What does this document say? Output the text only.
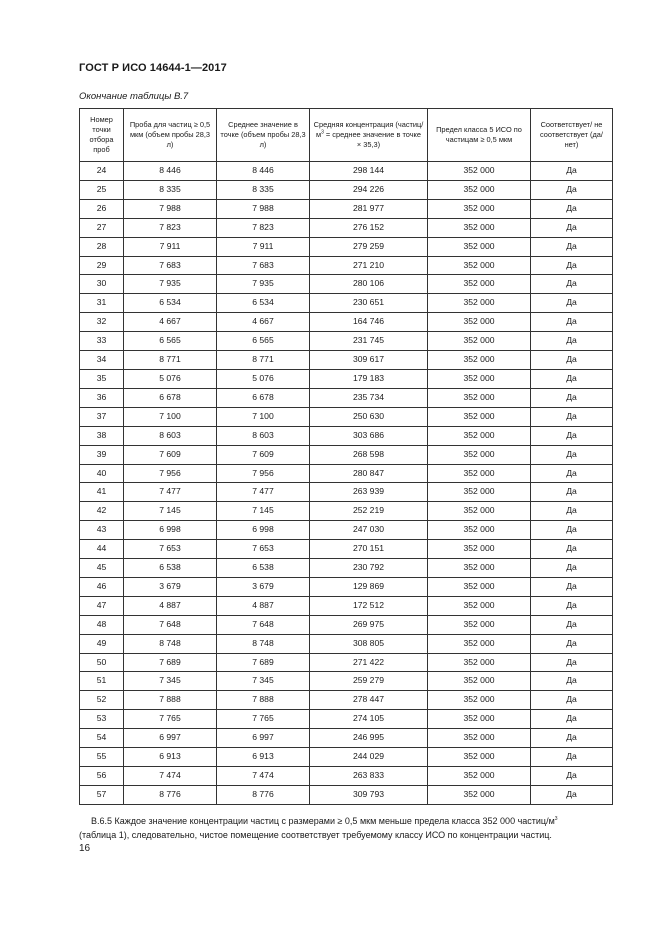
ГОСТ Р ИСО 14644-1—2017
Окончание таблицы B.7
Номер точки отбора проб	Проба для частиц ≥ 0,5 мкм (объем пробы 28,3 л)	Среднее значение в точке (объем пробы 28,3 л)	Средняя концентрация ($частиц/м^3$ = среднее значение в точке × 35,3)	Предел класса 5 ИСО по частицам ≥ 0,5 мкм	Соответствует/ не соответствует (да/нет)
24	8 446	8 446	298 144	352 000	Да
25	8 335	8 335	294 226	352 000	Да
26	7 988	7 988	281 977	352 000	Да
27	7 823	7 823	276 152	352 000	Да
28	7 911	7 911	279 259	352 000	Да
29	7 683	7 683	271 210	352 000	Да
30	7 935	7 935	280 106	352 000	Да
31	6 534	6 534	230 651	352 000	Да
32	4 667	4 667	164 746	352 000	Да
33	6 565	6 565	231 745	352 000	Да
34	8 771	8 771	309 617	352 000	Да
35	5 076	5 076	179 183	352 000	Да
36	6 678	6 678	235 734	352 000	Да
37	7 100	7 100	250 630	352 000	Да
38	8 603	8 603	303 686	352 000	Да
39	7 609	7 609	268 598	352 000	Да
40	7 956	7 956	280 847	352 000	Да
41	7 477	7 477	263 939	352 000	Да
42	7 145	7 145	252 219	352 000	Да
43	6 998	6 998	247 030	352 000	Да
44	7 653	7 653	270 151	352 000	Да
45	6 538	6 538	230 792	352 000	Да
46	3 679	3 679	129 869	352 000	Да
47	4 887	4 887	172 512	352 000	Да
48	7 648	7 648	269 975	352 000	Да
49	8 748	8 748	308 805	352 000	Да
50	7 689	7 689	271 422	352 000	Да
51	7 345	7 345	259 279	352 000	Да
52	7 888	7 888	278 447	352 000	Да
53	7 765	7 765	274 105	352 000	Да
54	6 997	6 997	246 995	352 000	Да
55	6 913	6 913	244 029	352 000	Да
56	7 474	7 474	263 833	352 000	Да
57	8 776	8 776	309 793	352 000	Да
В.6.5 Каждое значение концентрации частиц с размерами ≥ 0,5 мкм меньше предела класса 352 000 частиц/$м^3$
(таблица 1), следовательно, чистое помещение соответствует требуемому классу ИСО по концентрации частиц.
16
